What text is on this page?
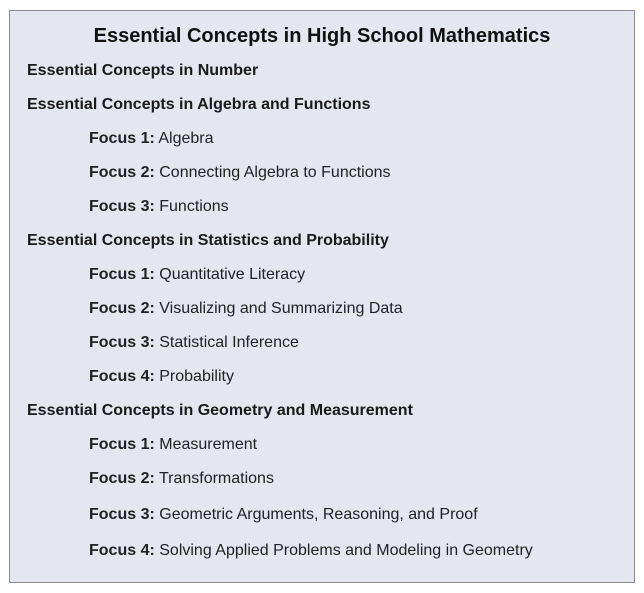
Essential Concepts in High School Mathematics
Essential Concepts in Number
Essential Concepts in Algebra and Functions
Focus 1: Algebra
Focus 2: Connecting Algebra to Functions
Focus 3: Functions
Essential Concepts in Statistics and Probability
Focus 1: Quantitative Literacy
Focus 2: Visualizing and Summarizing Data
Focus 3: Statistical Inference
Focus 4: Probability
Essential Concepts in Geometry and Measurement
Focus 1: Measurement
Focus 2: Transformations
Focus 3: Geometric Arguments, Reasoning, and Proof
Focus 4: Solving Applied Problems and Modeling in Geometry
